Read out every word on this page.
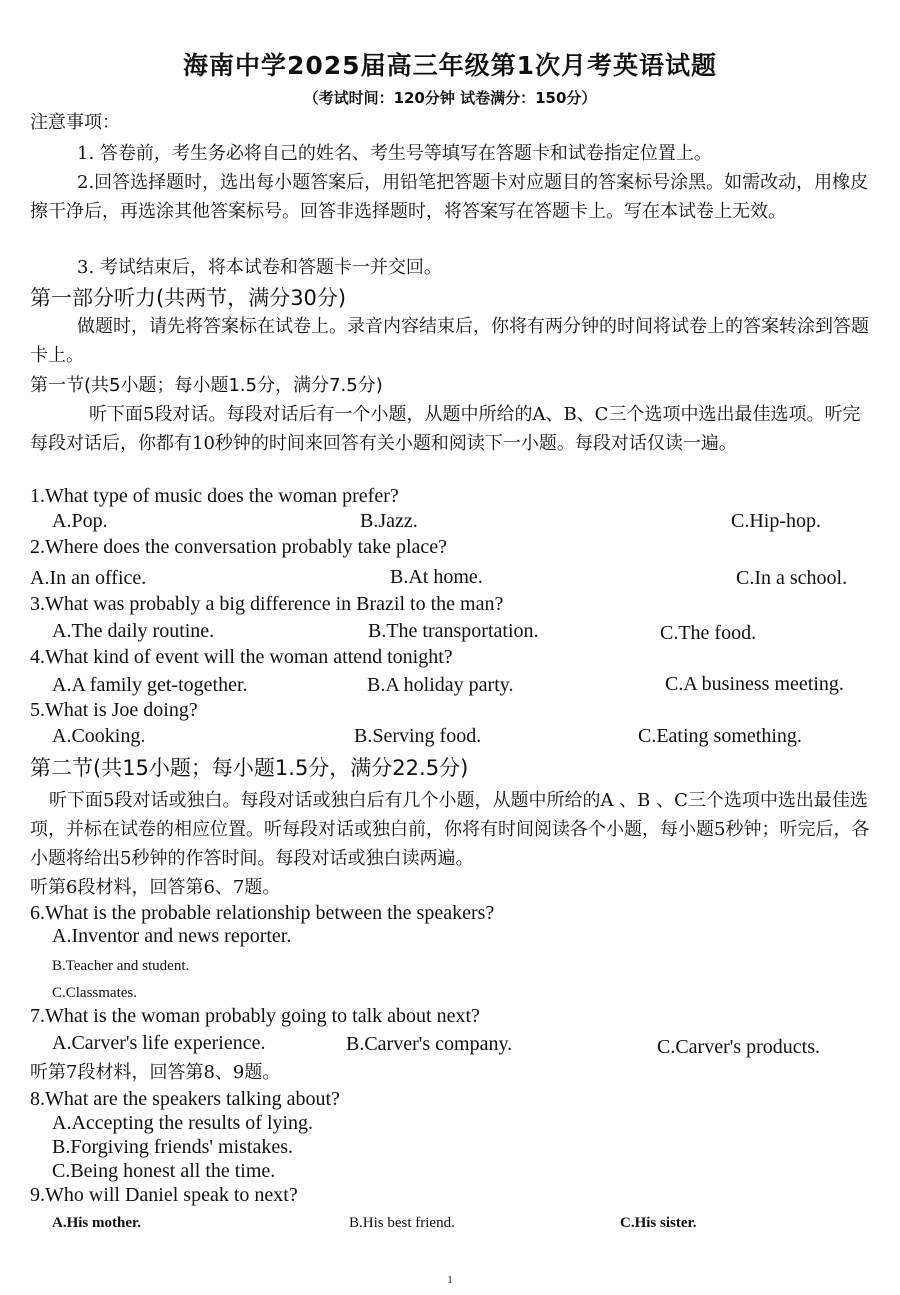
海南中学2025届高三年级第1次月考英语试题
（考试时间：120分钟 试卷满分：150分）
注意事项：
1. 答卷前，考生务必将自己的姓名、考生号等填写在答题卡和试卷指定位置上。
2.回答选择题时，选出每小题答案后，用铅笔把答题卡对应题目的答案标号涂黑。如需改动，用橡皮擦干净后，再选涂其他答案标号。回答非选择题时，将答案写在答题卡上。写在本试卷上无效。
3. 考试结束后，将本试卷和答题卡一并交回。
第一部分听力(共两节，满分30分)
做题时，请先将答案标在试卷上。录音内容结束后，你将有两分钟的时间将试卷上的答案转涂到答题卡上。
第一节(共5小题；每小题1.5分，满分7.5分)
听下面5段对话。每段对话后有一个小题，从题中所给的A、B、C三个选项中选出最佳选项。听完每段对话后，你都有10秒钟的时间来回答有关小题和阅读下一小题。每段对话仅读一遍。
1.What type of music does the woman prefer?
A.Pop.	B.Jazz.	C.Hip-hop.
2.Where does the conversation probably take place?
A.In an office.	B.At home.	C.In a school.
3.What was probably a big difference in Brazil to the man?
A.The daily routine.	B.The transportation.	C.The food.
4.What kind of event will the woman attend tonight?
A.A family get-together.	B.A holiday party.	C.A business meeting.
5.What is Joe doing?
A.Cooking.	B.Serving food.	C.Eating something.
第二节(共15小题；每小题1.5分，满分22.5分)
听下面5段对话或独白。每段对话或独白后有几个小题，从题中所给的A 、B 、C三个选项中选出最佳选项，并标在试卷的相应位置。听每段对话或独白前，你将有时间阅读各个小题，每小题5秒钟；听完后，各小题将给出5秒钟的作答时间。每段对话或独白读两遍。
听第6段材料，回答第6、7题。
6.What is the probable relationship between the speakers?
A.Inventor and news reporter.
B.Teacher and student.
C.Classmates.
7.What is the woman probably going to talk about next?
A.Carver's life experience.	B.Carver's company.	C.Carver's products.
听第7段材料，回答第8、9题。
8.What are the speakers talking about?
A.Accepting the results of lying.
B.Forgiving friends' mistakes.
C.Being honest all the time.
9.Who will Daniel speak to next?
A.His mother.	B.His best friend.	C.His sister.
1
